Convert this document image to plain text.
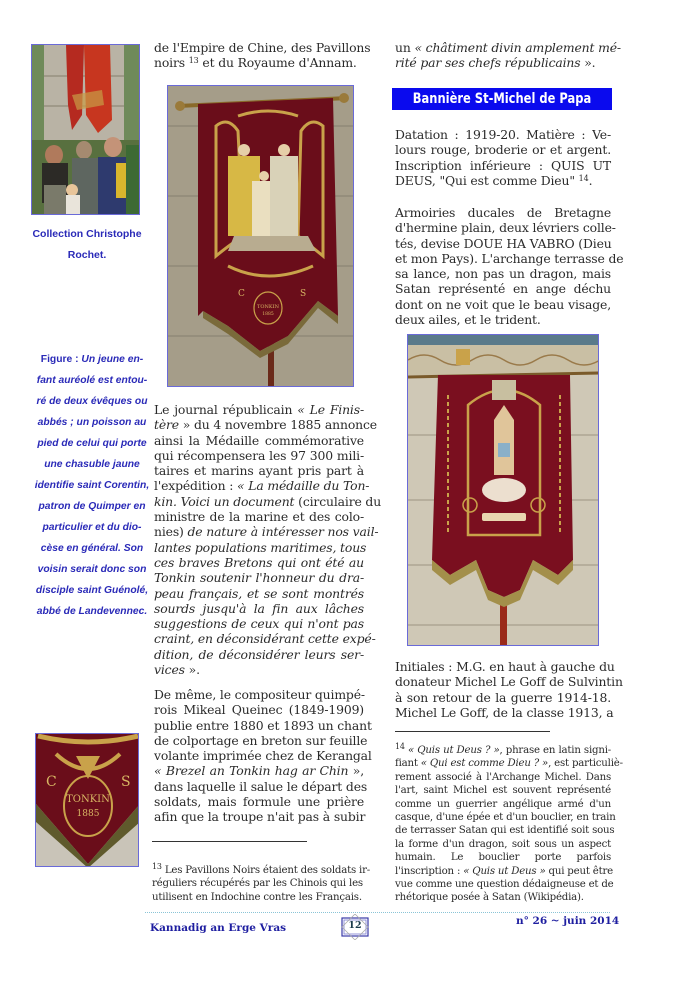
Collection Christophe
Rochet.
Figure : Un jeune en-
fant auréolé est entou-
ré de deux évêques ou
abbés ; un poisson au
pied de celui qui porte
une chasuble jaune
identifie saint Corentin,
patron de Quimper en
particulier et du dio-
cèse en général. Son
voisin serait donc son
disciple saint Guénolé,
abbé de Landevennec.
C	S
TONKIN
1885
de l'Empire de Chine, des Pavillons
noirs $^{13}$ et du Royaume d'Annam.
C	S
TONKIN
1885
Le journal républicain « Le Finis-
tère » du 4 novembre 1885 annonce
ainsi la Médaille commémorative
qui récompensera les 97 300 mili-
taires et marins ayant pris part à
l'expédition : « La médaille du Ton-
kin. Voici un document (circulaire du
ministre de la marine et des colo-
nies) de nature à intéresser nos vail-
lantes populations maritimes, tous
ces braves Bretons qui ont été au
Tonkin soutenir l'honneur du dra-
peau français, et se sont montrés
sourds jusqu'à la fin aux lâches
suggestions de ceux qui n'ont pas
craint, en déconsidérant cette expé-
dition, de déconsidérer leurs ser-
vices ».
De même, le compositeur quimpé-
rois Mikeal Queinec (1849-1909)
publie entre 1880 et 1893 un chant
de colportage en breton sur feuille
volante imprimée chez de Kerangal
« Brezel an Tonkin hag ar Chin »,
dans laquelle il salue le départ des
soldats, mais formule une prière
afin que la troupe n'ait pas à subir
$^{13}$ Les Pavillons Noirs étaient des soldats ir-
réguliers récupérés par les Chinois qui les
utilisent en Indochine contre les Français.
un « châtiment divin amplement mé-
rité par ses chefs républicains ».
Bannière St-Michel de Papa
Datation : 1919-20. Matière : Ve-
lours rouge, broderie or et argent.
Inscription inférieure : QUIS UT
DEUS, "Qui est comme Dieu" $^{14}$.
Armoiries ducales de Bretagne
d'hermine plain, deux lévriers colle-
tés, devise DOUE HA VABRO (Dieu
et mon Pays). L'archange terrasse de
sa lance, non pas un dragon, mais
Satan représenté en ange déchu
dont on ne voit que le beau visage,
deux ailes, et le trident.
Initiales : M.G. en haut à gauche du
donateur Michel Le Goff de Sulvintin
à son retour de la guerre 1914-18.
Michel Le Goff, de la classe 1913, a
$^{14}$ « Quis ut Deus ? », phrase en latin signi-
fiant « Qui est comme Dieu ? », est particuliè-
rement associé à l'Archange Michel. Dans
l'art, saint Michel est souvent représenté
comme un guerrier angélique armé d'un
casque, d'une épée et d'un bouclier, en train
de terrasser Satan qui est identifié soit sous
la forme d'un dragon, soit sous un aspect
humain. Le bouclier porte parfois
l'inscription : « Quis ut Deus » qui peut être
vue comme une question dédaigneuse et de
rhétorique posée à Satan (Wikipédia).
Kannadig an Erge Vras	12	n° 26 ~ juin 2014
